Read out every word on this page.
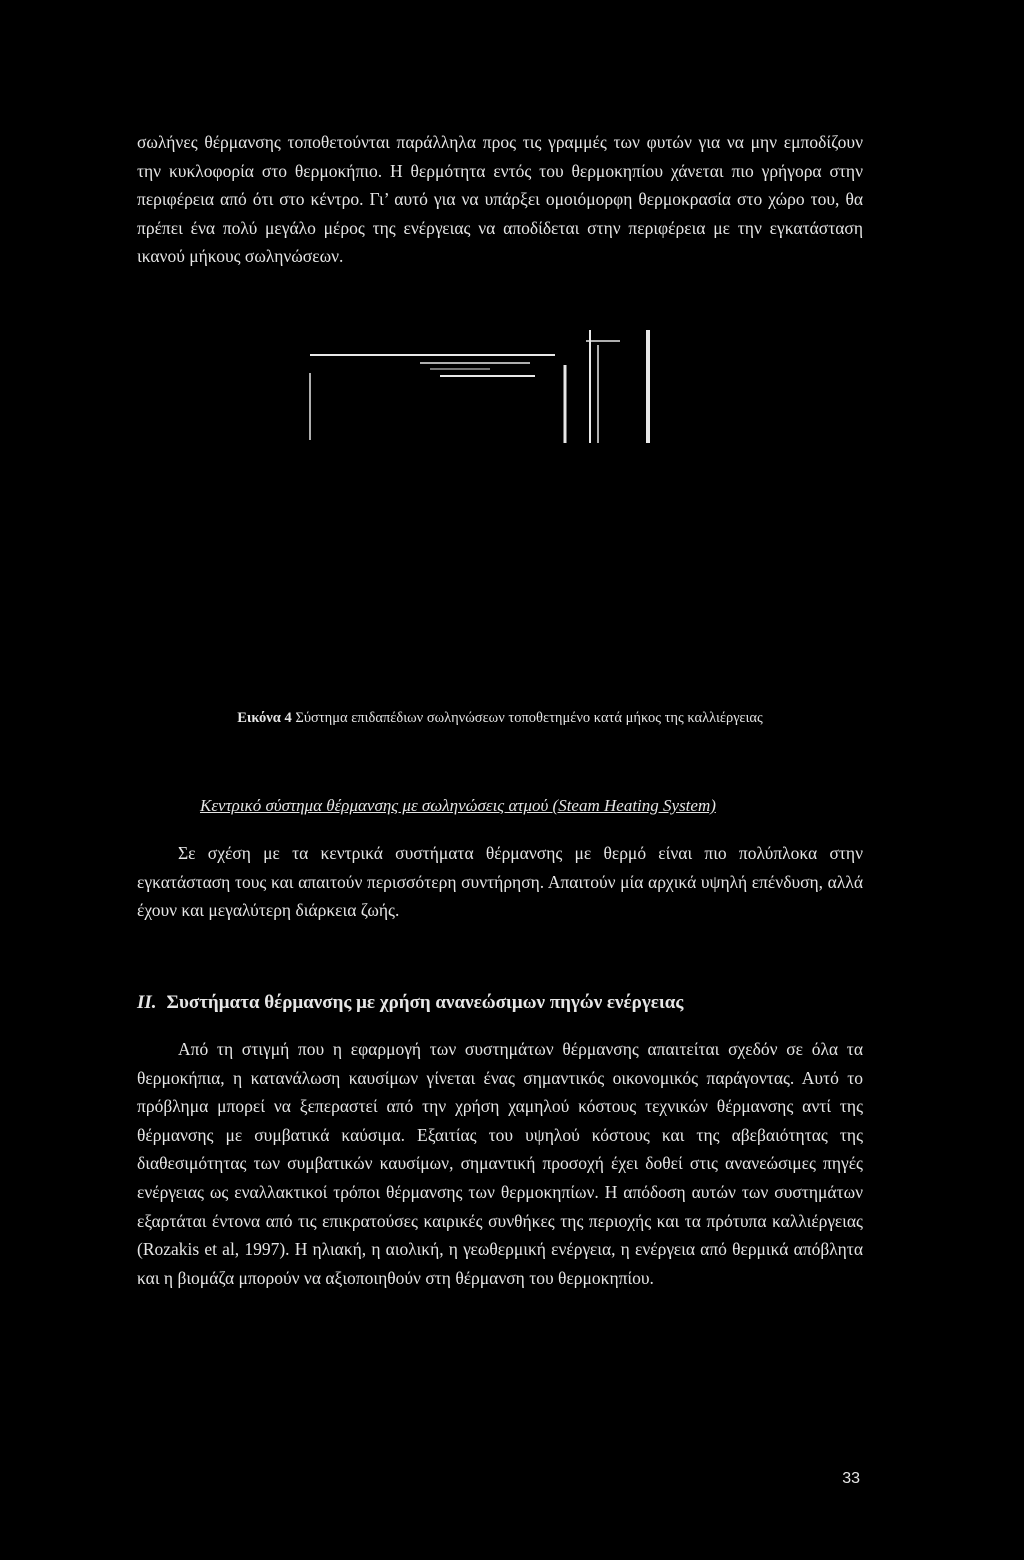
σωλήνες θέρμανσης τοποθετούνται παράλληλα προς τις γραμμές των φυτών για να μην εμποδίζουν την κυκλοφορία στο θερμοκήπιο. Η θερμότητα εντός του θερμοκηπίου χάνεται πιο γρήγορα στην περιφέρεια από ότι στο κέντρο. Γι’ αυτό για να υπάρξει ομοιόμορφη θερμοκρασία στο χώρο του, θα πρέπει ένα πολύ μεγάλο μέρος της ενέργειας να αποδίδεται στην περιφέρεια με την εγκατάσταση ικανού μήκους σωληνώσεων.

Εικόνα 4 Σύστημα επιδαπέδιων σωληνώσεων τοποθετημένο κατά μήκος της καλλιέργειας

Κεντρικό σύστημα θέρμανσης με σωληνώσεις ατμού (Steam Heating System)

Σε σχέση με τα κεντρικά συστήματα θέρμανσης με θερμό είναι πιο πολύπλοκα στην εγκατάσταση τους και απαιτούν περισσότερη συντήρηση. Απαιτούν μία αρχικά υψηλή επένδυση, αλλά έχουν και μεγαλύτερη διάρκεια ζωής.

II. Συστήματα θέρμανσης με χρήση ανανεώσιμων πηγών ενέργειας

Από τη στιγμή που η εφαρμογή των συστημάτων θέρμανσης απαιτείται σχεδόν σε όλα τα θερμοκήπια, η κατανάλωση καυσίμων γίνεται ένας σημαντικός οικονομικός παράγοντας. Αυτό το πρόβλημα μπορεί να ξεπεραστεί από την χρήση χαμηλού κόστους τεχνικών θέρμανσης αντί της θέρμανσης με συμβατικά καύσιμα. Εξαιτίας του υψηλού κόστους και της αβεβαιότητας της διαθεσιμότητας των συμβατικών καυσίμων, σημαντική προσοχή έχει δοθεί στις ανανεώσιμες πηγές ενέργειας ως εναλλακτικοί τρόποι θέρμανσης των θερμοκηπίων. Η απόδοση αυτών των συστημάτων εξαρτάται έντονα από τις επικρατούσες καιρικές συνθήκες της περιοχής και τα πρότυπα καλλιέργειας (Rozakis et al, 1997). Η ηλιακή, η αιολική, η γεωθερμική ενέργεια, η ενέργεια από θερμικά απόβλητα και η βιομάζα μπορούν να αξιοποιηθούν στη θέρμανση του θερμοκηπίου.

33
